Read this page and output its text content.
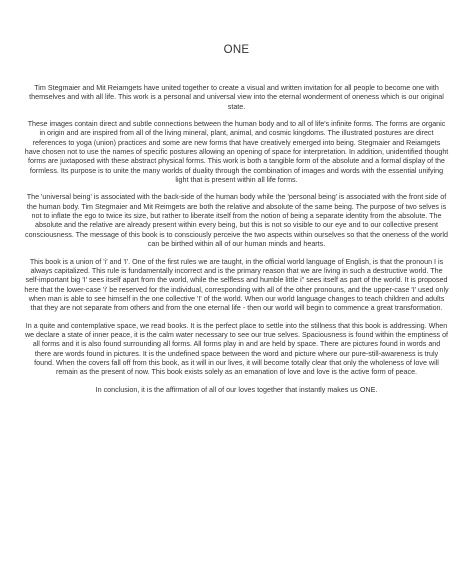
ONE

Tim Stegmaier and Mit Reiamgets have united together to create a visual and written invitation for all people to become one with themselves and with all life. This work is a personal and universal view into the eternal wonderment of oneness which is our original state.

These images contain direct and subtle connections between the human body and to all of life's infinite forms. The forms are organic in origin and are inspired from all of the living mineral, plant, animal, and cosmic kingdoms. The illustrated postures are direct references to yoga (union) practices and some are new forms that have creatively emerged into being. Stegmaier and Reiamgets have chosen not to use the names of specific postures allowing an opening of space for interpretation. In addition, unidentified thought forms are juxtaposed with these abstract physical forms. This work is both a tangible form of the absolute and a formal display of the formless. Its purpose is to unite the many worlds of duality through the combination of images and words with the essential unifying light that is present within all life forms.

The 'universal being' is associated with the back-side of the human body while the 'personal being' is associated with the front side of the human body. Tim Stegmaier and Mit Reimgets are both the relative and absolute of the same being. The purpose of two selves is not to inflate the ego to twice its size, but rather to liberate itself from the notion of being a separate identity from the absolute. The absolute and the relative are already present within every being, but this is not so visible to our eye and to our collective present consciousness. The message of this book is to consciously perceive the two aspects within ourselves so that the oneness of the world can be birthed within all of our human minds and hearts.

This book is a union of 'i' and 'I'. One of the first rules we are taught, in the official world language of English, is that the pronoun I is always capitalized. This rule is fundamentally incorrect and is the primary reason that we are living in such a destructive world. The self-important big 'I' sees itself apart from the world, while the selfless and humble little i" sees itself as part of the world. It is proposed here that the lower-case 'i' be reserved for the individual, corresponding with all of the other pronouns, and the upper-case 'I' used only when man is able to see himself in the one collective 'I' of the world. When our world language changes to teach children and adults that they are not separate from others and from the one eternal life - then our world will begin to commence a great transformation.

In a quite and contemplative space, we read books. It is the perfect place to settle into the stillness that this book is addressing. When we declare a state of inner peace, it is the calm water necessary to see our true selves. Spaciousness is found within the emptiness of all forms and it is also found surrounding all forms. All forms play in and are held by space. There are pictures found in words and there are words found in pictures. It is the undefined space between the word and picture where our pure-still-awareness is truly found. When the covers fall off from this book, as it will in our lives, it will become totally clear that only the wholeness of love will remain as the present of now. This book exists solely as an emanation of love and love is the active form of peace.

In conclusion, it is the affirmation of all of our loves together that instantly makes us ONE.
